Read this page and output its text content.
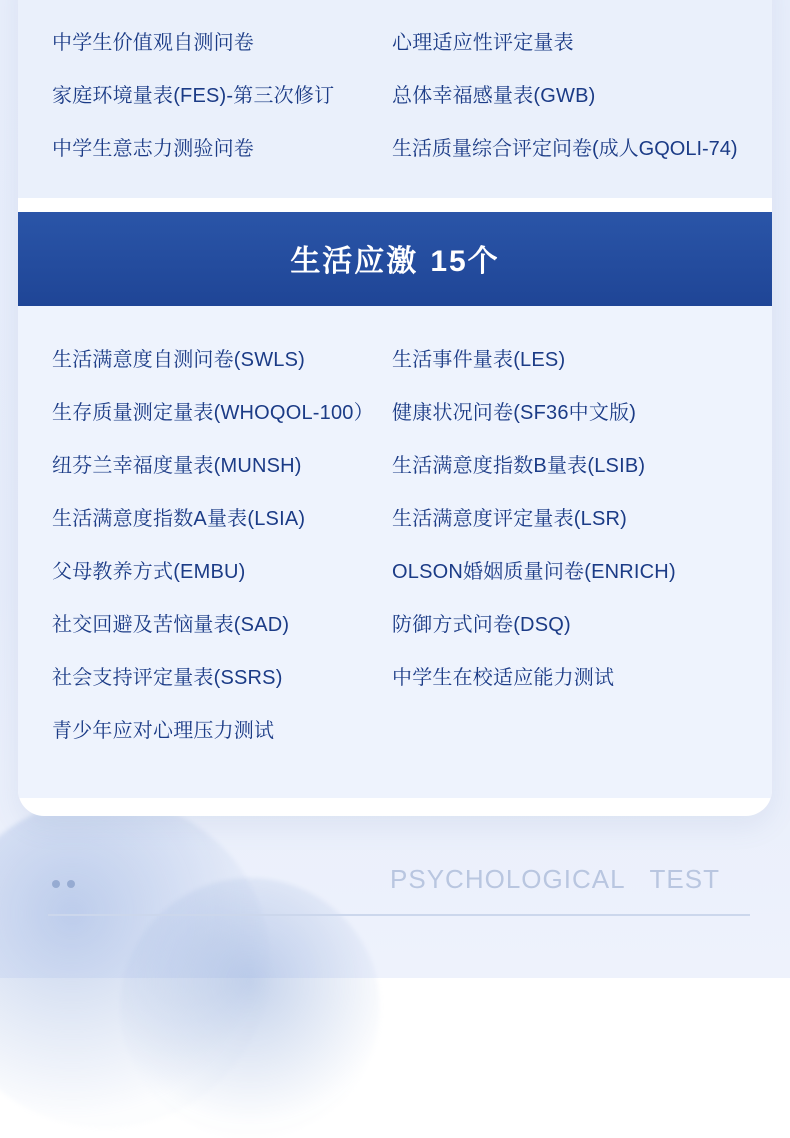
中学生价值观自测问卷	心理适应性评定量表
家庭环境量表(FES)-第三次修订	总体幸福感量表(GWB)
中学生意志力测验问卷	生活质量综合评定问卷(成人GQOLI-74)
生活应激 15个
生活满意度自测问卷(SWLS)	生活事件量表(LES)
生存质量测定量表(WHOQOL-100） 健康状况问卷(SF36中文版)
纽芬兰幸福度量表(MUNSH)	生活满意度指数B量表(LSIB)
生活满意度指数A量表(LSIA)	生活满意度评定量表(LSR)
父母教养方式(EMBU)	OLSON婚姻质量问卷(ENRICH)
社交回避及苦恼量表(SAD)	防御方式问卷(DSQ)
社会支持评定量表(SSRS)	中学生在校适应能力测试
青少年应对心理压力测试
PSYCHOLOGICAL TEST
